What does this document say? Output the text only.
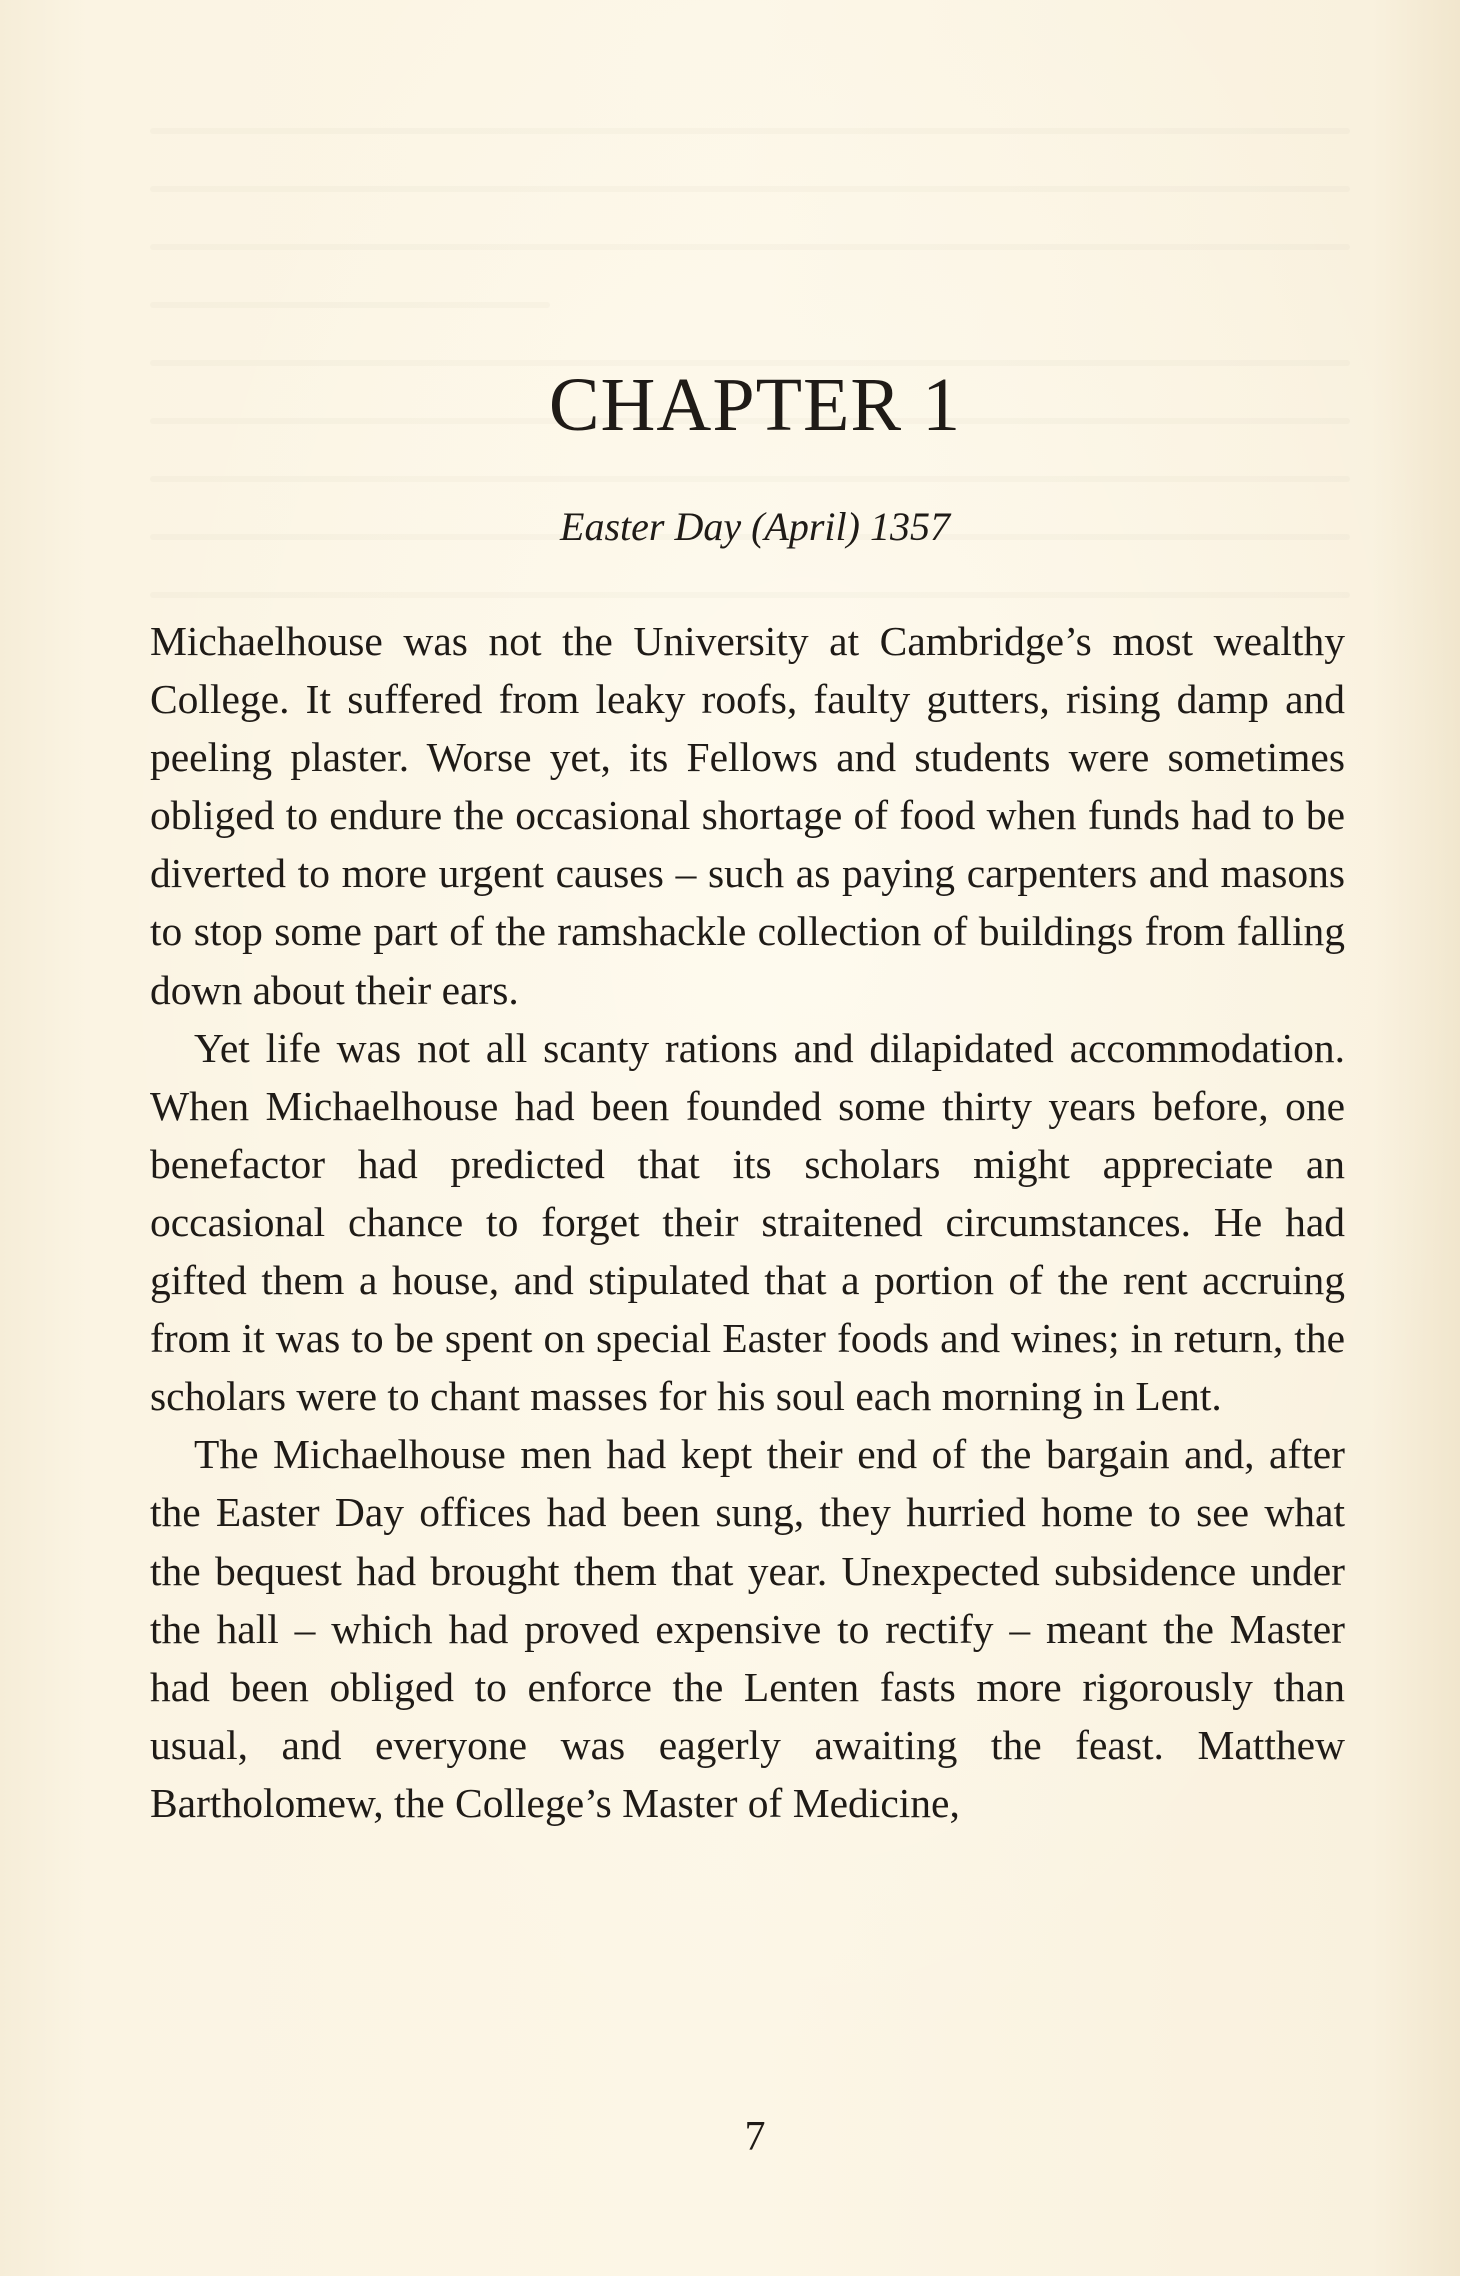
CHAPTER 1
Easter Day (April) 1357

Michaelhouse was not the University at Cambridge’s most wealthy College. It suffered from leaky roofs, faulty gutters, rising damp and peeling plaster. Worse yet, its Fellows and students were sometimes obliged to endure the occasional shortage of food when funds had to be diverted to more urgent causes – such as paying carpenters and masons to stop some part of the ramshackle collection of buildings from falling down about their ears.

Yet life was not all scanty rations and dilapidated accommodation. When Michaelhouse had been founded some thirty years before, one benefactor had predicted that its scholars might appreciate an occasional chance to forget their straitened circumstances. He had gifted them a house, and stipulated that a portion of the rent accruing from it was to be spent on special Easter foods and wines; in return, the scholars were to chant masses for his soul each morning in Lent.

The Michaelhouse men had kept their end of the bargain and, after the Easter Day offices had been sung, they hurried home to see what the bequest had brought them that year. Unexpected subsidence under the hall – which had proved expensive to rectify – meant the Master had been obliged to enforce the Lenten fasts more rigorously than usual, and everyone was eagerly awaiting the feast. Matthew Bartholomew, the College’s Master of Medicine,

7
